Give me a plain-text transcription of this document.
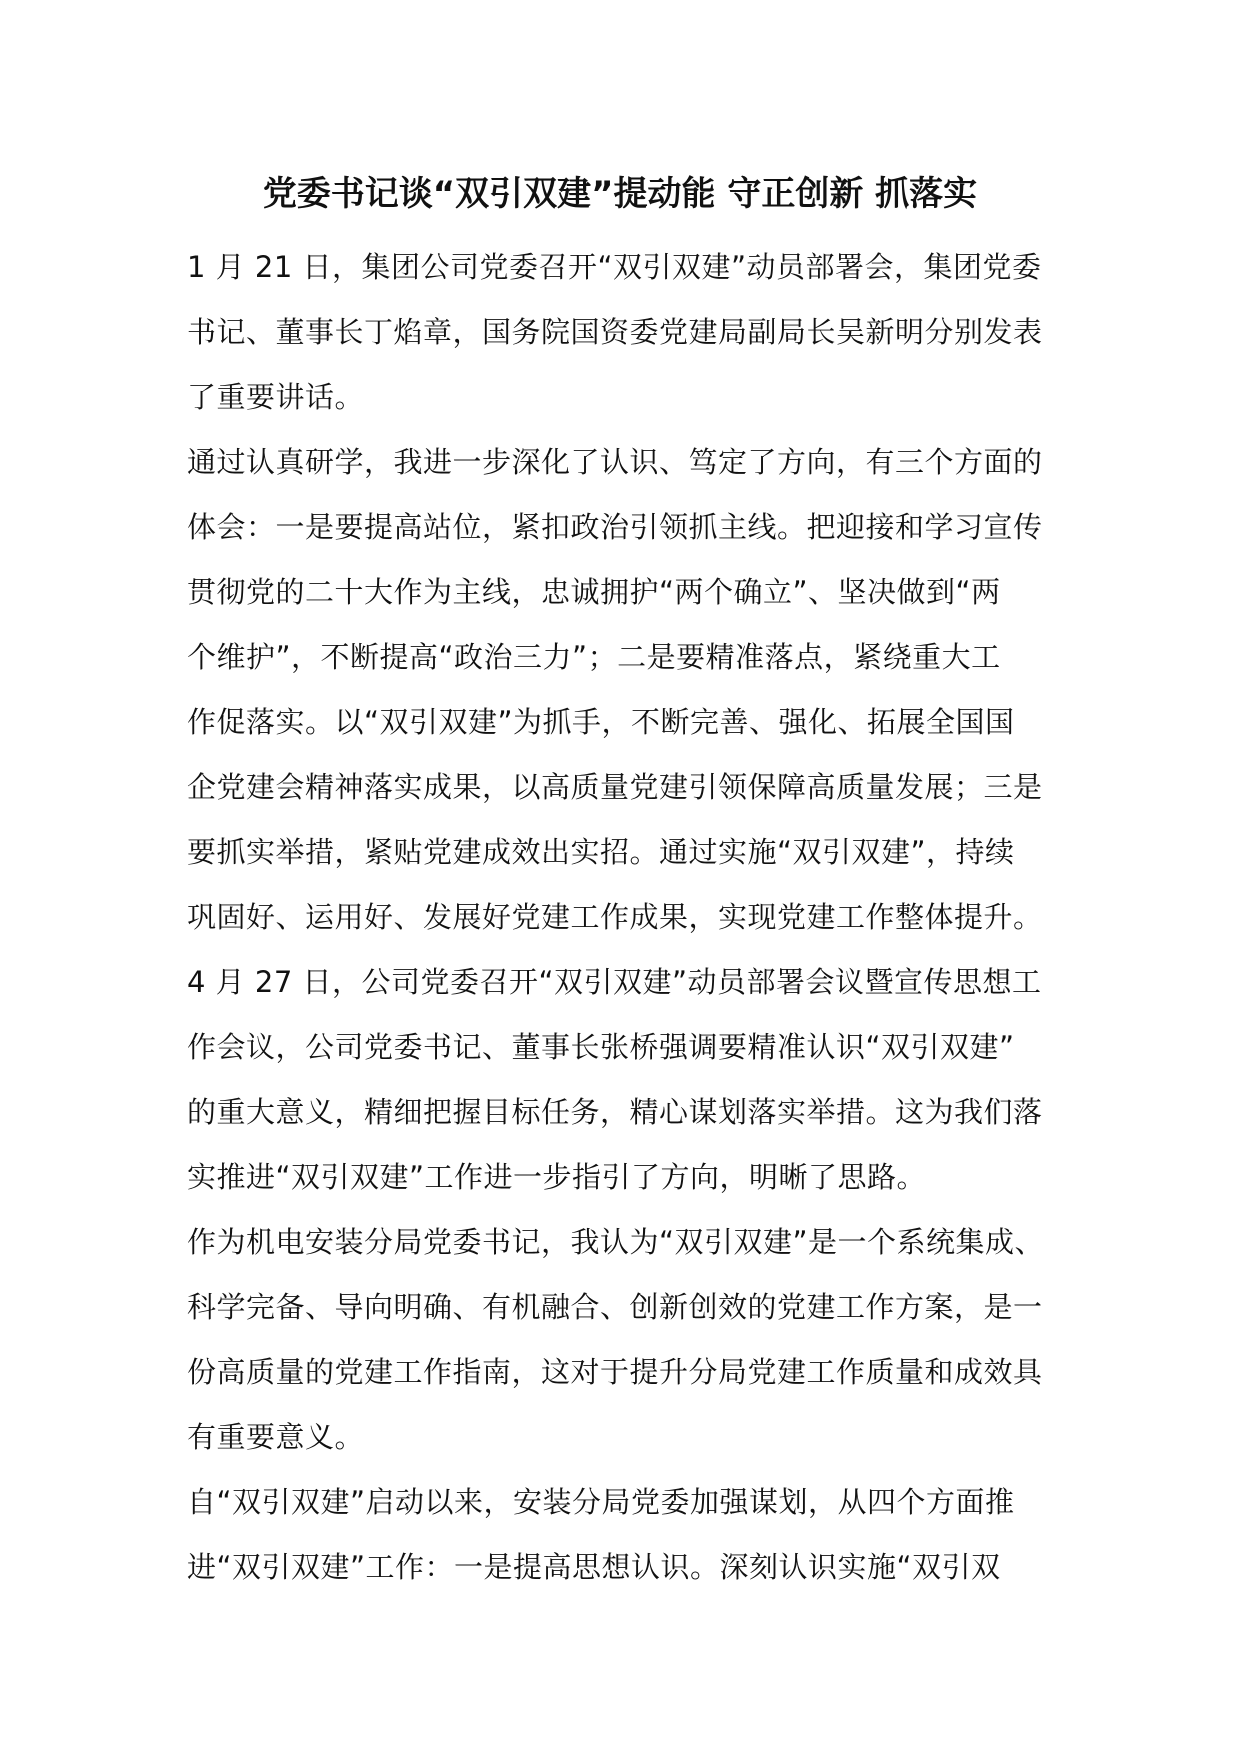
党委书记谈“双引双建”提动能 守正创新 抓落实
1 月 21 日，集团公司党委召开“双引双建”动员部署会，集团党委
书记、董事长丁焰章，国务院国资委党建局副局长吴新明分别发表
了重要讲话。
通过认真研学，我进一步深化了认识、笃定了方向，有三个方面的
体会：一是要提高站位，紧扣政治引领抓主线。把迎接和学习宣传
贯彻党的二十大作为主线，忠诚拥护“两个确立”、坚决做到“两
个维护”，不断提高“政治三力”；二是要精准落点，紧绕重大工
作促落实。以“双引双建”为抓手，不断完善、强化、拓展全国国
企党建会精神落实成果，以高质量党建引领保障高质量发展；三是
要抓实举措，紧贴党建成效出实招。通过实施“双引双建”，持续
巩固好、运用好、发展好党建工作成果，实现党建工作整体提升。
4 月 27 日，公司党委召开“双引双建”动员部署会议暨宣传思想工
作会议，公司党委书记、董事长张桥强调要精准认识“双引双建”
的重大意义，精细把握目标任务，精心谋划落实举措。这为我们落
实推进“双引双建”工作进一步指引了方向，明晰了思路。
作为机电安装分局党委书记，我认为“双引双建”是一个系统集成、
科学完备、导向明确、有机融合、创新创效的党建工作方案，是一
份高质量的党建工作指南，这对于提升分局党建工作质量和成效具
有重要意义。
自“双引双建”启动以来，安装分局党委加强谋划，从四个方面推
进“双引双建”工作：一是提高思想认识。深刻认识实施“双引双
